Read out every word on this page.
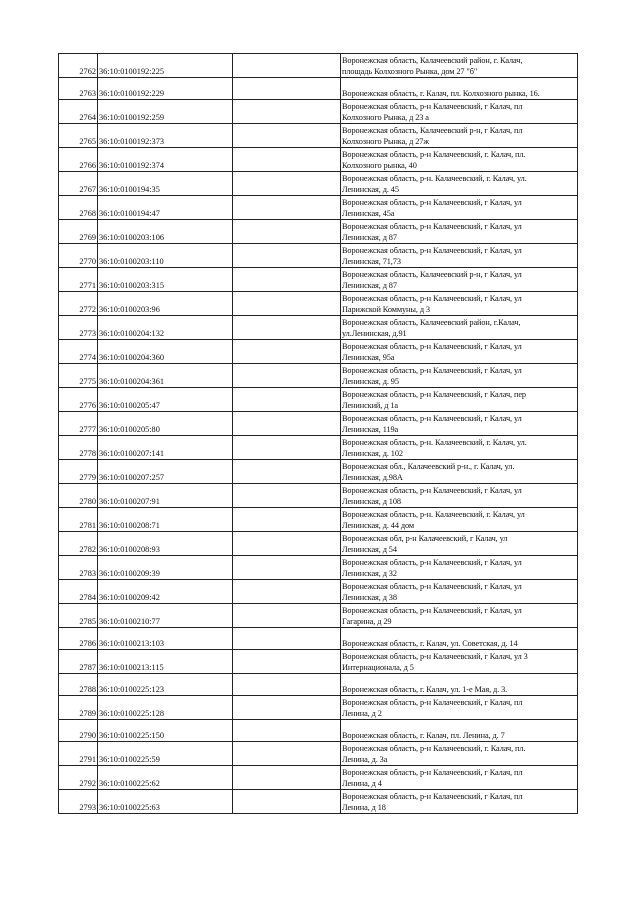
2762	36:10:0100192:225		Воронежская область, Калачеевский район, г. Калач,
площадь Колхозного Рынка, дом 27 "б"

2763	36:10:0100192:229		Воронежская область, г. Калач, пл. Колхозного рынка, 16.

2764	36:10:0100192:259		Воронежская область, р-н Калачеевский, г Калач, пл
Колхозного Рынка, д 23 а

2765	36:10:0100192:373		Воронежская область, Калачеевский р-н, г Калач, пл
Колхозного Рынка, д 27ж

2766	36:10:0100192:374		Воронежская область, р-н Калачеевский, г. Калач, пл.
Колхозного рынка, 40

2767	36:10:0100194:35		Воронежская область, р-н. Калачеевский, г. Калач, ул.
Ленинская, д. 45

2768	36:10:0100194:47		Воронежская область, р-н Калачеевский, г Калач, ул
Ленинская, 45а

2769	36:10:0100203:106		Воронежская область, р-н Калачеевский, г Калач, ул
Ленинская, д 87

2770	36:10:0100203:110		Воронежская область, р-н Калачеевский, г Калач, ул
Ленинская, 71,73

2771	36:10:0100203:315		Воронежская область, Калачеевский р-н, г Калач, ул
Ленинская, д 87

2772	36:10:0100203:96		Воронежская область, р-н Калачеевский, г Калач, ул
Парижской Коммуны, д 3

2773	36:10:0100204:132		Воронежская область, Калачеевский район, г.Калач,
ул.Ленинская, д.91

2774	36:10:0100204:360		Воронежская область, р-н Калачеевский, г Калач, ул
Ленинская, 95а

2775	36:10:0100204:361		Воронежская область, р-н Калачеевский, г Калач, ул
Ленинская, д. 95

2776	36:10:0100205:47		Воронежская область, р-н Калачеевский, г Калач, пер
Ленинский, д 1а

2777	36:10:0100205:80		Воронежская область, р-н Калачеевский, г Калач, ул
Ленинская, 119а

2778	36:10:0100207:141		Воронежская область, р-н. Калачеевский, г. Калач, ул.
Ленинская, д. 102

2779	36:10:0100207:257		Воронежская обл., Калачеевский р-н., г. Калач, ул.
Ленинская, д.98А

2780	36:10:0100207:91		Воронежская область, р-н Калачеевский, г Калач, ул
Ленинская, д 108

2781	36:10:0100208:71		Воронежская область, р-н. Калачеевский, г. Калач, ул
Ленинская, д. 44 дом

2782	36:10:0100208:93		Воронежская обл, р-н Калачеевский, г Калач, ул
Ленинская, д 54

2783	36:10:0100209:39		Воронежская область, р-н Калачеевский, г Калач, ул
Ленинская, д 32

2784	36:10:0100209:42		Воронежская область, р-н Калачеевский, г Калач, ул
Ленинская, д 38

2785	36:10:0100210:77		Воронежская область, р-н Калачеевский, г Калач, ул
Гагарина, д 29

2786	36:10:0100213:103		Воронежская область, г. Калач, ул. Советская, д. 14

2787	36:10:0100213:115		Воронежская область, р-н Калачеевский, г Калач, ул 3
Интернационала, д 5

2788	36:10:0100225:123		Воронежская область, г. Калач, ул. 1-е Мая, д. 3.

2789	36:10:0100225:128		Воронежская область, р-н Калачеевский, г Калач, пл
Ленина, д 2

2790	36:10:0100225:150		Воронежская область, г. Калач, пл. Ленина, д. 7

2791	36:10:0100225:59		Воронежская область, р-н Калачеевский, г. Калач, пл.
Ленина, д. 3а

2792	36:10:0100225:62		Воронежская область, р-н Калачеевский, г Калач, пл
Ленина, д 4

2793	36:10:0100225:63		Воронежская область, р-н Калачеевский, г Калач, пл
Ленина, д 18
